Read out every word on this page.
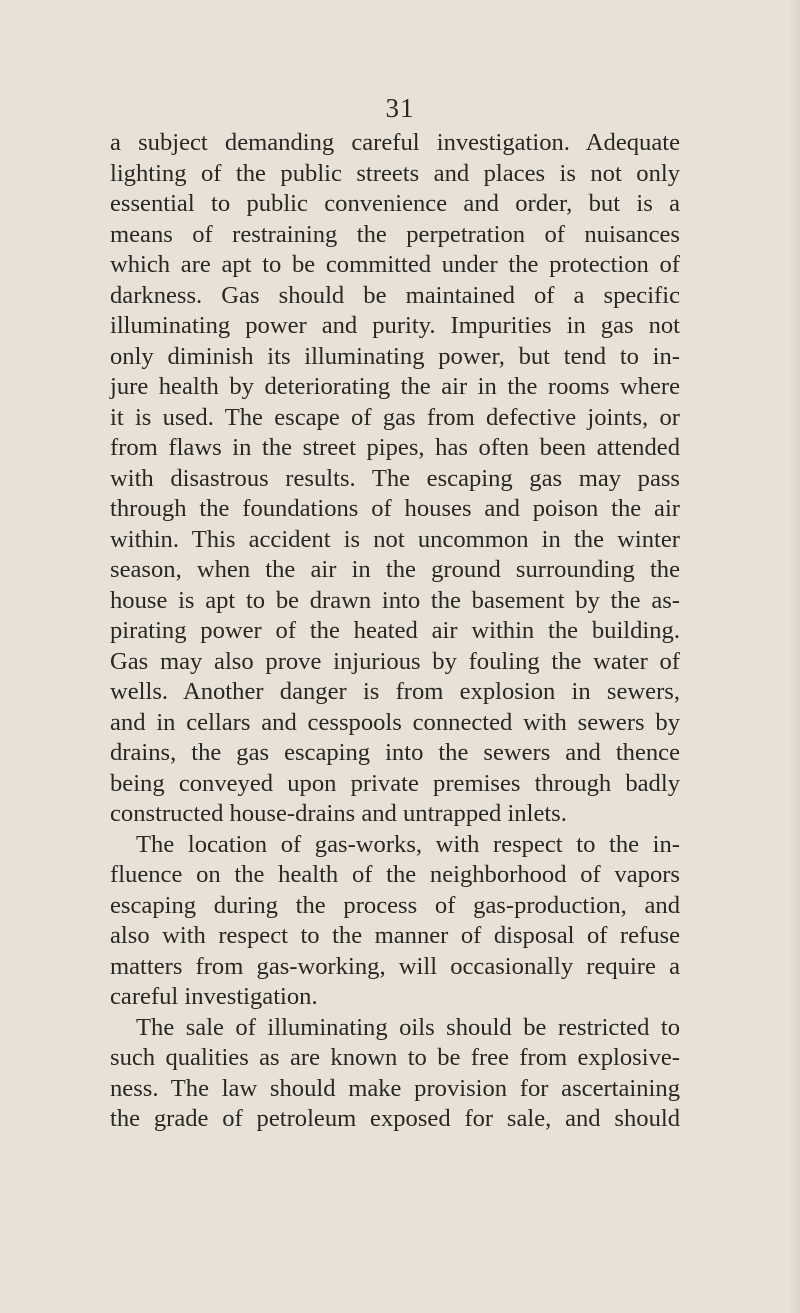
31
a subject demanding careful investigation. Adequate
lighting of the public streets and places is not only
essential to public convenience and order, but is a
means of restraining the perpetration of nuisances
which are apt to be committed under the protection of
darkness. Gas should be maintained of a specific
illuminating power and purity. Impurities in gas not
only diminish its illuminating power, but tend to in-
jure health by deteriorating the air in the rooms where
it is used. The escape of gas from defective joints, or
from flaws in the street pipes, has often been attended
with disastrous results. The escaping gas may pass
through the foundations of houses and poison the air
within. This accident is not uncommon in the winter
season, when the air in the ground surrounding the
house is apt to be drawn into the basement by the as-
pirating power of the heated air within the building.
Gas may also prove injurious by fouling the water of
wells. Another danger is from explosion in sewers,
and in cellars and cesspools connected with sewers by
drains, the gas escaping into the sewers and thence
being conveyed upon private premises through badly
constructed house-drains and untrapped inlets.
The location of gas-works, with respect to the in-
fluence on the health of the neighborhood of vapors
escaping during the process of gas-production, and
also with respect to the manner of disposal of refuse
matters from gas-working, will occasionally require a
careful investigation.
The sale of illuminating oils should be restricted to
such qualities as are known to be free from explosive-
ness. The law should make provision for ascertaining
the grade of petroleum exposed for sale, and should
